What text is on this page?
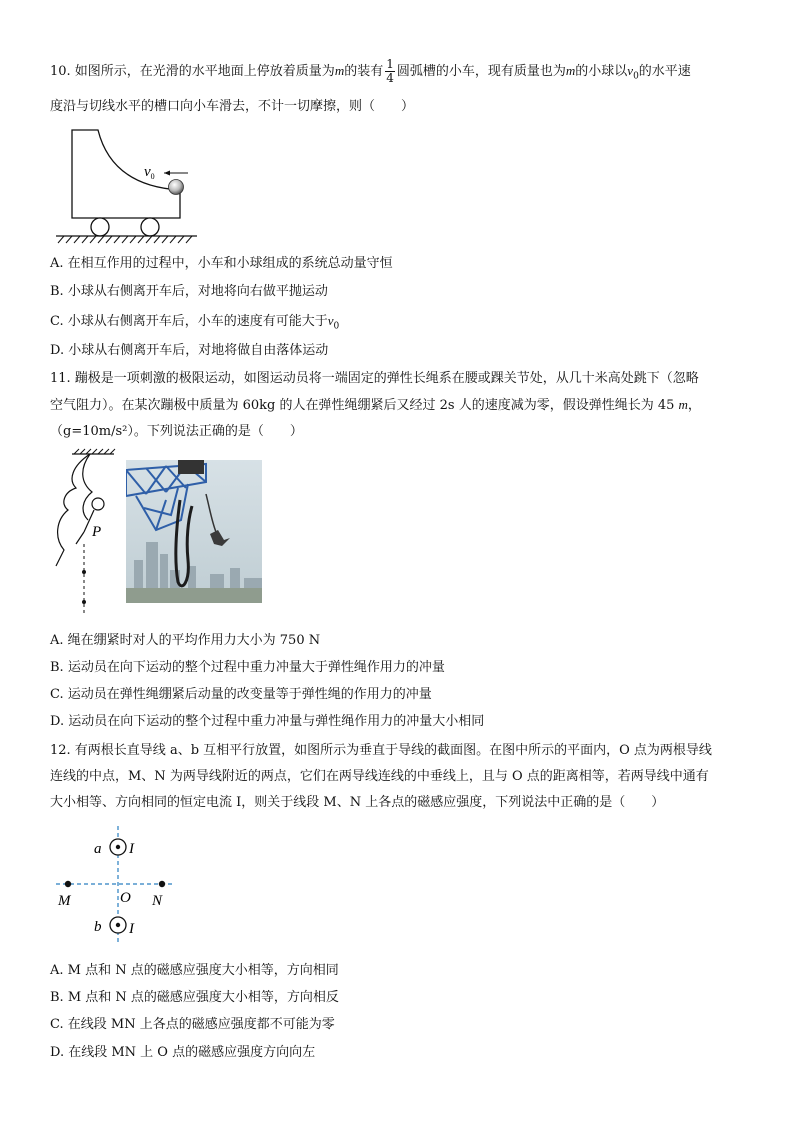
10. 如图所示，在光滑的水平地面上停放着质量为m的装有 $\frac{1}{4}$ 圆弧槽的小车，现有质量也为m的小球以$v_0$的水平速
度沿与切线水平的槽口向小车滑去，不计一切摩擦，则（　　）
$v_0$
A. 在相互作用的过程中，小车和小球组成的系统总动量守恒
B. 小球从右侧离开车后，对地将向右做平抛运动
C. 小球从右侧离开车后，小车的速度有可能大于$v_0$
D. 小球从右侧离开车后，对地将做自由落体运动
11. 蹦极是一项刺激的极限运动，如图运动员将一端固定的弹性长绳系在腰或踝关节处，从几十米高处跳下（忽略
空气阻力）。在某次蹦极中质量为 60kg 的人在弹性绳绷紧后又经过 2s 人的速度减为零，假设弹性绳长为 45 m，
（g=10m/s²）。下列说法正确的是（　　）
P
A. 绳在绷紧时对人的平均作用力大小为 750 N
B. 运动员在向下运动的整个过程中重力冲量大于弹性绳作用力的冲量
C. 运动员在弹性绳绷紧后动量的改变量等于弹性绳的作用力的冲量
D. 运动员在向下运动的整个过程中重力冲量与弹性绳作用力的冲量大小相同
12. 有两根长直导线 a、b 互相平行放置，如图所示为垂直于导线的截面图。在图中所示的平面内，O 点为两根导线
连线的中点，M、N 为两导线附近的两点，它们在两导线连线的中垂线上，且与 O 点的距离相等，若两导线中通有
大小相等、方向相同的恒定电流 I，则关于线段 M、N 上各点的磁感应强度，下列说法中正确的是（　　）
a I
b I
M	O N
A. M 点和 N 点的磁感应强度大小相等，方向相同
B. M 点和 N 点的磁感应强度大小相等，方向相反
C. 在线段 MN 上各点的磁感应强度都不可能为零
D. 在线段 MN 上 O 点的磁感应强度方向向左
